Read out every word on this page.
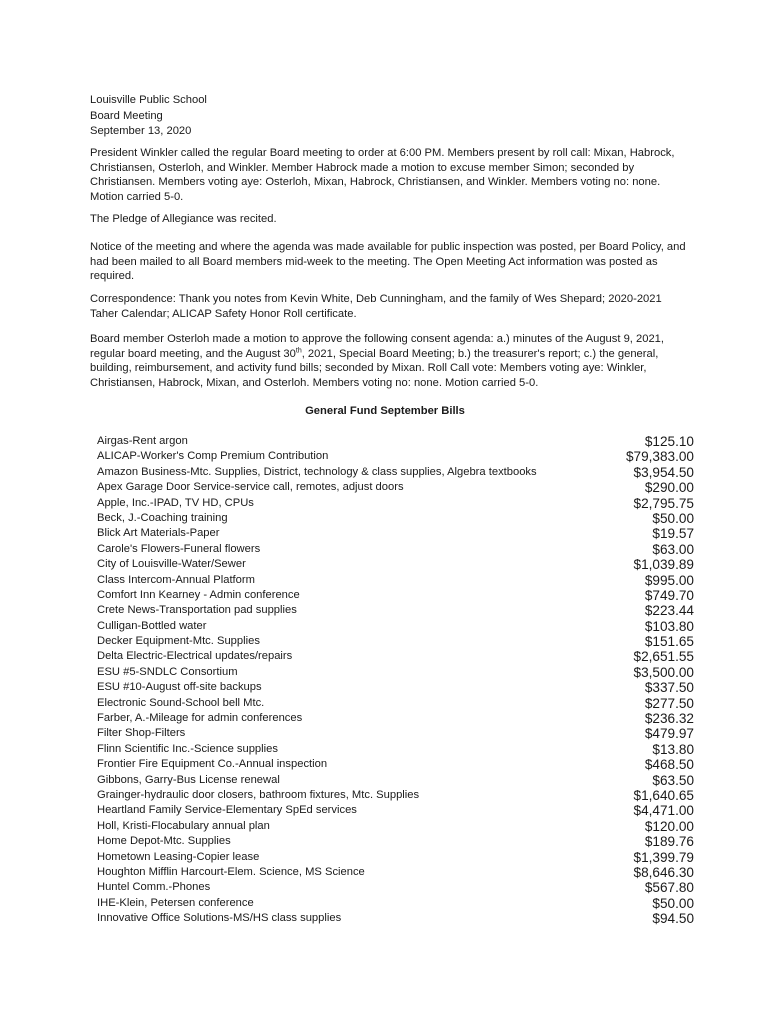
Louisville Public School
Board Meeting
September 13, 2020

President Winkler called the regular Board meeting to order at 6:00 PM. Members present by roll call: Mixan, Habrock, Christiansen, Osterloh, and Winkler. Member Habrock made a motion to excuse member Simon; seconded by Christiansen. Members voting aye: Osterloh, Mixan, Habrock, Christiansen, and Winkler. Members voting no: none. Motion carried 5-0.

The Pledge of Allegiance was recited.

Notice of the meeting and where the agenda was made available for public inspection was posted, per Board Policy, and had been mailed to all Board members mid-week to the meeting. The Open Meeting Act information was posted as required.

Correspondence: Thank you notes from Kevin White, Deb Cunningham, and the family of Wes Shepard; 2020-2021 Taher Calendar; ALICAP Safety Honor Roll certificate.

Board member Osterloh made a motion to approve the following consent agenda: a.) minutes of the August 9, 2021, regular board meeting, and the August 30th, 2021, Special Board Meeting; b.) the treasurer's report; c.) the general, building, reimbursement, and activity fund bills; seconded by Mixan. Roll Call vote: Members voting aye: Winkler, Christiansen, Habrock, Mixan, and Osterloh. Members voting no: none. Motion carried 5-0.

General Fund September Bills
Airgas-Rent argon	$125.10
ALICAP-Worker's Comp Premium Contribution	$79,383.00
Amazon Business-Mtc. Supplies, District, technology & class supplies, Algebra textbooks	$3,954.50
Apex Garage Door Service-service call, remotes, adjust doors	$290.00
Apple, Inc.-IPAD, TV HD, CPUs	$2,795.75
Beck, J.-Coaching training	$50.00
Blick Art Materials-Paper	$19.57
Carole's Flowers-Funeral flowers	$63.00
City of Louisville-Water/Sewer	$1,039.89
Class Intercom-Annual Platform	$995.00
Comfort Inn Kearney - Admin conference	$749.70
Crete News-Transportation pad supplies	$223.44
Culligan-Bottled water	$103.80
Decker Equipment-Mtc. Supplies	$151.65
Delta Electric-Electrical updates/repairs	$2,651.55
ESU #5-SNDLC Consortium	$3,500.00
ESU #10-August off-site backups	$337.50
Electronic Sound-School bell Mtc.	$277.50
Farber, A.-Mileage for admin conferences	$236.32
Filter Shop-Filters	$479.97
Flinn Scientific Inc.-Science supplies	$13.80
Frontier Fire Equipment Co.-Annual inspection	$468.50
Gibbons, Garry-Bus License renewal	$63.50
Grainger-hydraulic door closers, bathroom fixtures, Mtc. Supplies	$1,640.65
Heartland Family Service-Elementary SpEd services	$4,471.00
Holl, Kristi-Flocabulary annual plan	$120.00
Home Depot-Mtc. Supplies	$189.76
Hometown Leasing-Copier lease	$1,399.79
Houghton Mifflin Harcourt-Elem. Science, MS Science	$8,646.30
Huntel Comm.-Phones	$567.80
IHE-Klein, Petersen conference	$50.00
Innovative Office Solutions-MS/HS class supplies	$94.50
